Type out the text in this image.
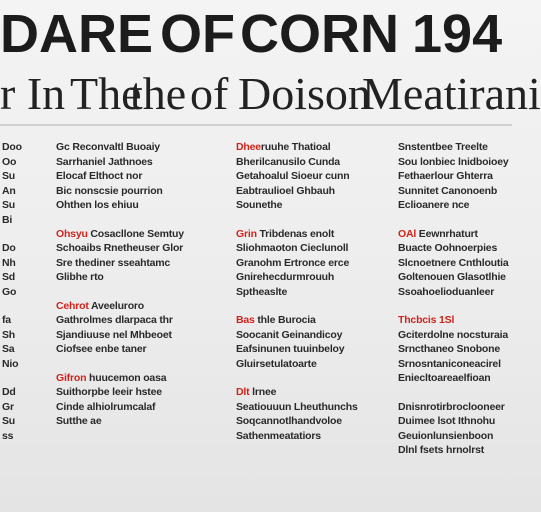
DARE OF CORN 194
r In The
the of Doison
Meatirani
Doo
Oo
Su
An
Su
Bi
Do
Nh
Sd
Go
fa
Sh
Sa
Nio
Dd
Gr
Su
ss
Gc Reconvaltl Buoaiy
Sarrhaniel Jathnoes
Elocaf Elthoct nor
Bic nonscsie pourrion
Ohthen los ehiuu
Ohsyu Cosacllone Semtuy
Schoaibs Rnetheuser Glor
Sre thediner sseahtamc
Glibhe rto
Cehrot Aveeluroro
Gathrolmes dlarpaca thr
Sjandiuuse nel Mhbeoet
Ciofsee enbe taner
Gifron huucemon oasa
Suithorpbe leeir hstee
Cinde alhiolrumcalaf
Sutthe ae
Dheeruuhe Thatioal
Bherilcanusilo Cunda
Getahoalul Sioeur cunn
Eabtraulioel Ghbauh
Sounethe
Grin Tribdenas enolt
Sliohmaoton Cieclunoll
Granohm Ertronce erce
Gnirehecdurmrouuh
Sptheaslte
Bas thle Burocia
Soocanit Geinandicoy
Eafsinunen tuuinbeloy
Gluirsetulatoarte
Dlt lrnee
Seatiouuun Lheuthunchs
Soqcannotlhandvoloe
Sathenmeatatiors
Snstentbee Treelte
Sou lonbiec lnidboioey
Fethaerlour Ghterra
Sunnitet Canonoenb
Eclioanere nce
OAl Eewnrhaturt
Buacte Oohnoerpies
Slcnoetnere Cnthloutia
Goltenouen Glasotlhie
Ssoahoelioduanleer
Thcbcis 1Sl
Gciterdolne nocsturaia
Srncthaneo Snobone
Srnosntaniconeacirel
Eniecltoareaelfioan
Dnisnrotirbroclooneer
Duimee lsot Ithnohu
Geuionlunsienboon
Dlnl fsets hrnolrst
